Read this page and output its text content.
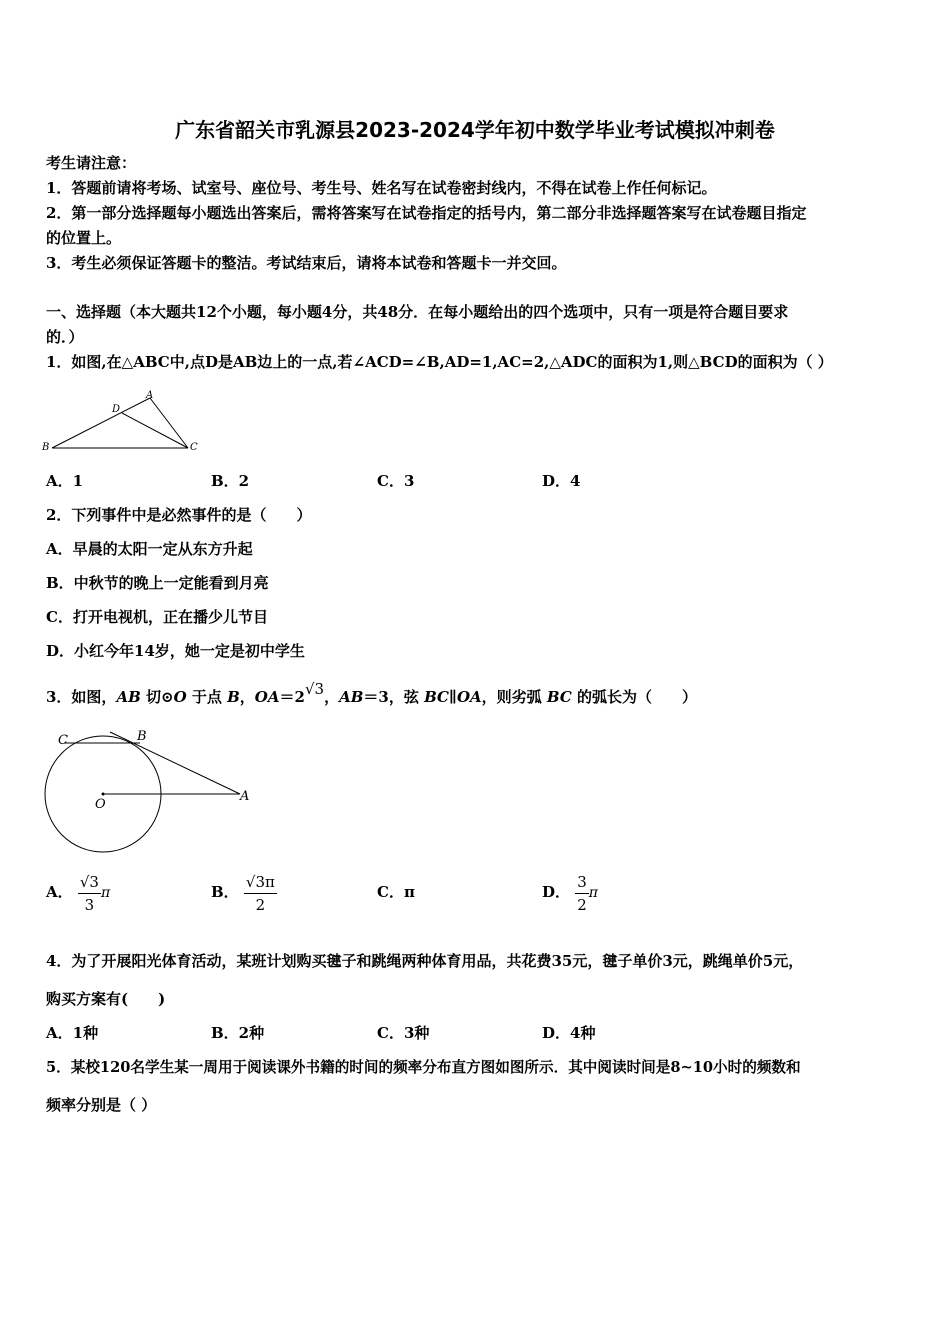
广东省韶关市乳源县2023-2024学年初中数学毕业考试模拟冲刺卷
考生请注意：
1．答题前请将考场、试室号、座位号、考生号、姓名写在试卷密封线内，不得在试卷上作任何标记。
2．第一部分选择题每小题选出答案后，需将答案写在试卷指定的括号内，第二部分非选择题答案写在试卷题目指定
的位置上。
3．考生必须保证答题卡的整洁。考试结束后，请将本试卷和答题卡一并交回。
一、选择题（本大题共12个小题，每小题4分，共48分．在每小题给出的四个选项中，只有一项是符合题目要求
的．）
1．如图,在△ABC中,点D是AB边上的一点,若∠ACD=∠B,AD=1,AC=2,△ADC的面积为1,则△BCD的面积为（ ）
A
D
B	C
A．1	B．2	C．3	D．4
2．下列事件中是必然事件的是（　　）
A．早晨的太阳一定从东方升起
B．中秋节的晚上一定能看到月亮
C．打开电视机，正在播少儿节目
D．小红今年14岁，她一定是初中学生
3．如图，AB 切⊙O 于点 B，OA＝2√3，AB＝3，弦 BC∥OA，则劣弧 BC 的弧长为（　　）
C	B
O
A
A． $\frac{√3}{3}$ π	B． $\frac{√3\pi}{2}$	C．π	D． $\frac{3}{2}$ π
4．为了开展阳光体育活动，某班计划购买毽子和跳绳两种体育用品，共花费35元，毽子单价3元，跳绳单价5元，
购买方案有(　　)
A．1种	B．2种	C．3种	D．4种
5．某校120名学生某一周用于阅读课外书籍的时间的频率分布直方图如图所示．其中阅读时间是8~10小时的频数和
频率分别是（ ）
